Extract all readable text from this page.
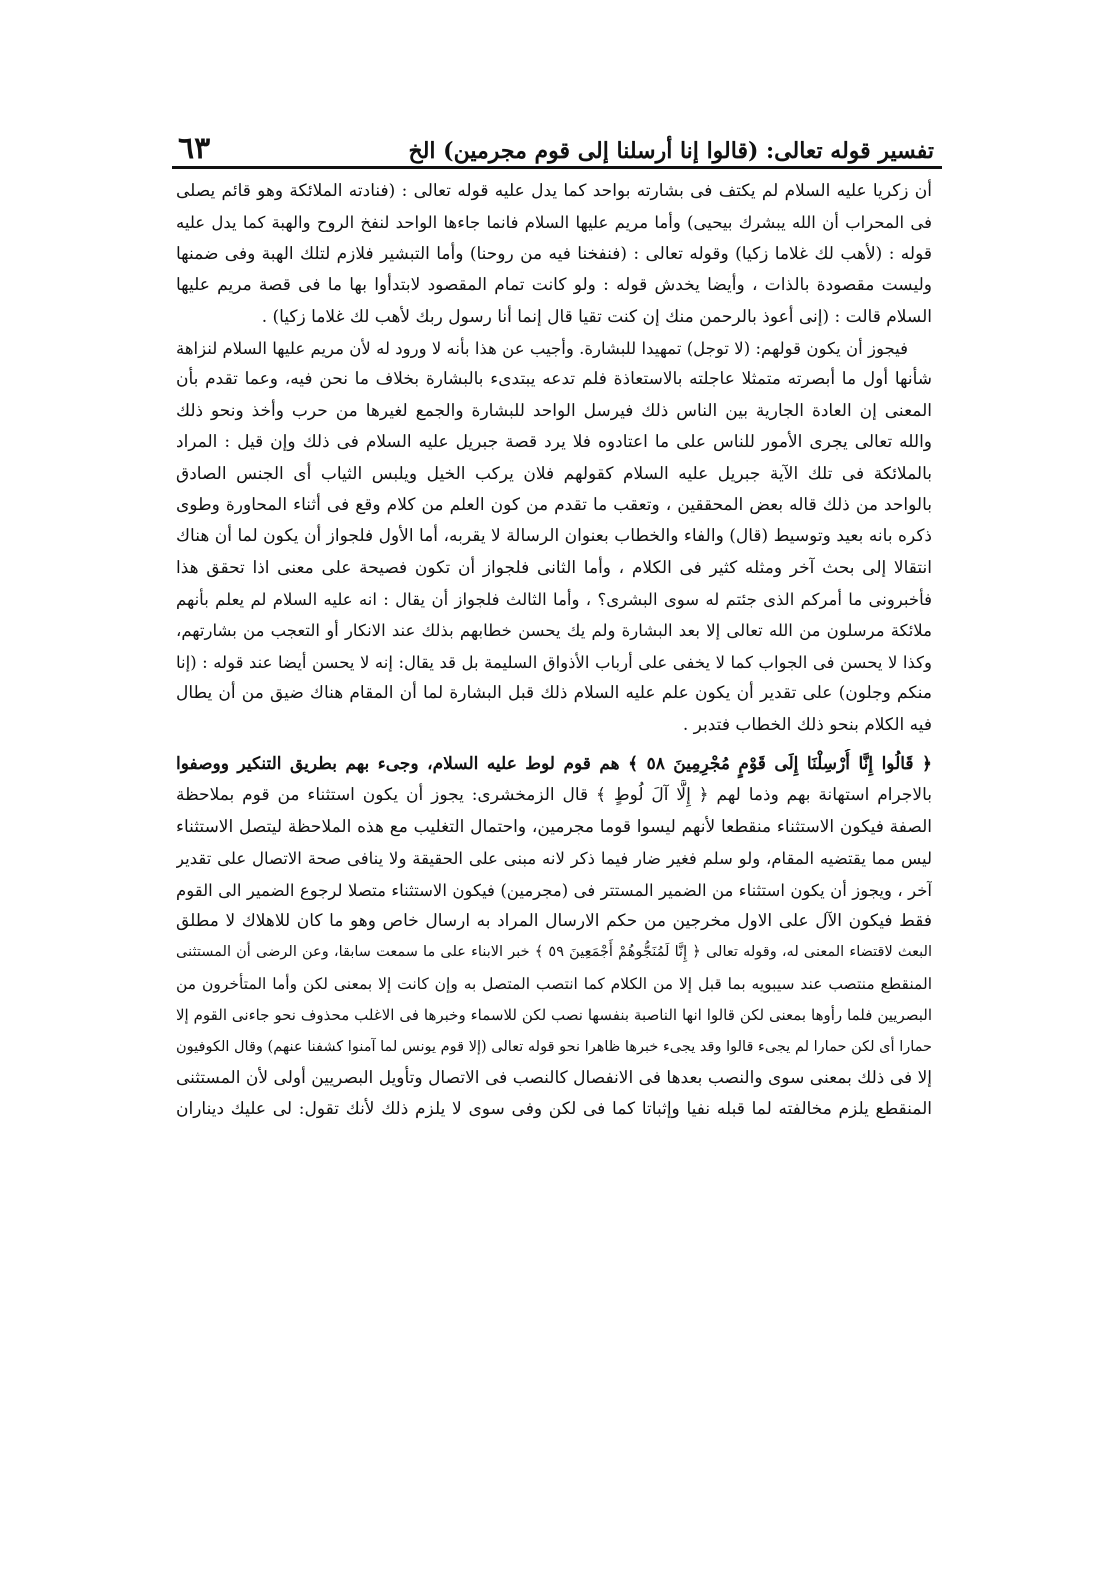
تفسير قوله تعالى: (قالوا إنا أرسلنا إلى قوم مجرمين) الخ
٦٣
أن زكريا عليه السلام لم يكتف فى بشارته بواحد كما يدل عليه قوله تعالى : (فنادته الملائكة وهو قائم يصلى
فى المحراب أن الله يبشرك بيحيى) وأما مريم عليها السلام فانما جاءها الواحد لنفخ الروح والهبة كما يدل عليه
قوله : (لأهب لك غلاما زكيا) وقوله تعالى : (فنفخنا فيه من روحنا) وأما التبشير فلازم لتلك الهبة وفى ضمنها
وليست مقصودة بالذات ، وأيضا يخدش قوله : ولو كانت تمام المقصود لابتدأوا بها ما فى قصة مريم عليها
السلام قالت : (إنى أعوذ بالرحمن منك إن كنت تقيا قال إنما أنا رسول ربك لأهب لك غلاما زكيا) .
فيجوز أن يكون قولهم: (لا توجل) تمهيدا للبشارة. وأجيب عن هذا بأنه لا ورود له لأن مريم عليها السلام لنزاهة
شأنها أول ما أبصرته متمثلا عاجلته بالاستعاذة فلم تدعه يبتدىء بالبشارة بخلاف ما نحن فيه، وعما تقدم بأن
المعنى إن العادة الجارية بين الناس ذلك فيرسل الواحد للبشارة والجمع لغيرها من حرب وأخذ ونحو ذلك
والله تعالى يجرى الأمور للناس على ما اعتادوه فلا يرد قصة جبريل عليه السلام فى ذلك وإن قيل : المراد
بالملائكة فى تلك الآية جبريل عليه السلام كقولهم فلان يركب الخيل ويلبس الثياب أى الجنس الصادق
بالواحد من ذلك قاله بعض المحققين ، وتعقب ما تقدم من كون العلم من كلام وقع فى أثناء المحاورة وطوى
ذكره بانه بعيد وتوسيط (قال) والفاء والخطاب بعنوان الرسالة لا يقربه، أما الأول فلجواز أن يكون لما أن هناك
انتقالا إلى بحث آخر ومثله كثير فى الكلام ، وأما الثانى فلجواز أن تكون فصيحة على معنى اذا تحقق هذا
فأخبرونى ما أمركم الذى جئتم له سوى البشرى؟ ، وأما الثالث فلجواز أن يقال : انه عليه السلام لم يعلم بأنهم
ملائكة مرسلون من الله تعالى إلا بعد البشارة ولم يك يحسن خطابهم بذلك عند الانكار أو التعجب من بشارتهم،
وكذا لا يحسن فى الجواب كما لا يخفى على أرباب الأذواق السليمة بل قد يقال: إنه لا يحسن أيضا عند قوله : (إنا
منكم وجلون) على تقدير أن يكون علم عليه السلام ذلك قبل البشارة لما أن المقام هناك ضيق من أن يطال
فيه الكلام بنحو ذلك الخطاب فتدبر .
﴿ قَالُوا إِنَّا أُرْسِلْنَا إِلَى قَوْمٍ مُجْرِمِينَ ٥٨ ﴾ هم قوم لوط عليه السلام، وجىء بهم بطريق التنكير ووصفوا
بالاجرام استهانة بهم وذما لهم ﴿ إِلَّا آلَ لُوطٍ ﴾ قال الزمخشرى: يجوز أن يكون استثناء من قوم بملاحظة
الصفة فيكون الاستثناء منقطعا لأنهم ليسوا قوما مجرمين، واحتمال التغليب مع هذه الملاحظة ليتصل الاستثناء
ليس مما يقتضيه المقام، ولو سلم فغير ضار فيما ذكر لانه مبنى على الحقيقة ولا ينافى صحة الاتصال على تقدير
آخر ، ويجوز أن يكون استثناء من الضمير المستتر فى (مجرمين) فيكون الاستثناء متصلا لرجوع الضمير الى القوم
فقط فيكون الآل على الاول مخرجين من حكم الارسال المراد به ارسال خاص وهو ما كان للاهلاك لا مطلق
البعث لاقتضاء المعنى له، وقوله تعالى ﴿ إِنَّا لَمُنَجُّوهُمْ أَجْمَعِينَ ٥٩ ﴾ خبر الابناء على ما سمعت سابقا، وعن الرضى أن المستثنى
المنقطع منتصب عند سيبويه بما قبل إلا من الكلام كما انتصب المتصل به وإن كانت إلا بمعنى لكن وأما المتأخرون من
البصريين فلما رأوها بمعنى لكن قالوا انها الناصبة بنفسها نصب لكن للاسماء وخبرها فى الاغلب محذوف نحو جاءنى القوم إلا
حمارا أى لكن حمارا لم يجىء قالوا وقد يجىء خبرها ظاهرا نحو قوله تعالى (إلا قوم يونس لما آمنوا كشفنا عنهم) وقال الكوفيون
إلا فى ذلك بمعنى سوى والنصب بعدها فى الانفصال كالنصب فى الاتصال وتأويل البصريين أولى لأن المستثنى
المنقطع يلزم مخالفته لما قبله نفيا وإثباتا كما فى لكن وفى سوى لا يلزم ذلك لأنك تقول: لى عليك ديناران
